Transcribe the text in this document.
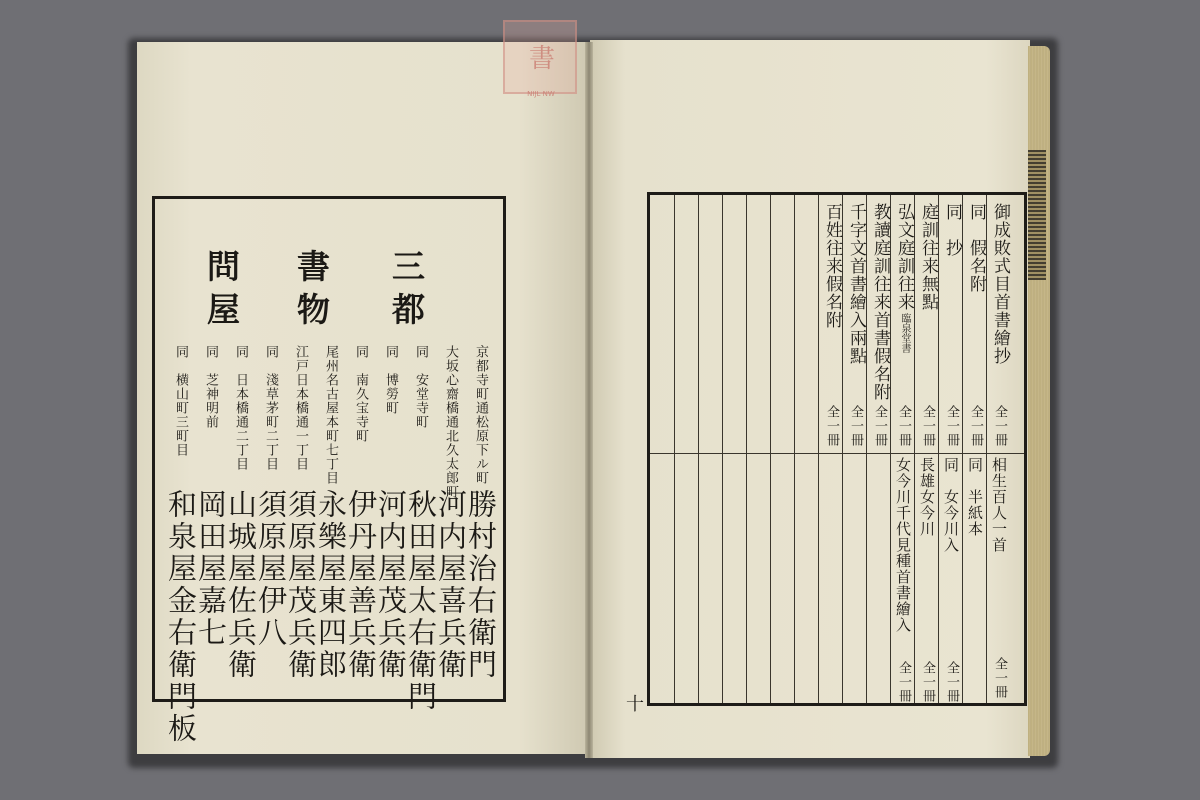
書
NIJL NW
三都
書物
問屋
京都寺町通松原下ル町
大坂心齋橋通北久太郎町
同　安堂寺町
同　博勞町
同　南久宝寺町
尾州名古屋本町七丁目
江戸日本橋通一丁目
同　淺草茅町二丁目
同　日本橋通二丁目
同　芝神明前
同　横山町三町目
勝村治右衛門
河内屋喜兵衛
秋田屋太右衛門
河内屋茂兵衛
伊丹屋善兵衛
永樂屋東四郎
須原屋茂兵衛
須原屋伊八
山城屋佐兵衛
岡田屋嘉七
和泉屋金右衛門板
御成敗式目首書繪抄
同　假名附
同　抄
庭訓往来無點
弘文庭訓往来
臨泉堂書
教讀庭訓往来首書假名附
千字文首書繪入兩點
百姓往来假名附
全一冊
全一冊
全一冊
全一冊
全一冊
全一冊
全一冊
全一冊
相生百人一首
同　半紙本
同　女今川入
長雄女今川
女今川千代見種首書繪入
全一冊
全一冊
全一冊
全一冊
十
